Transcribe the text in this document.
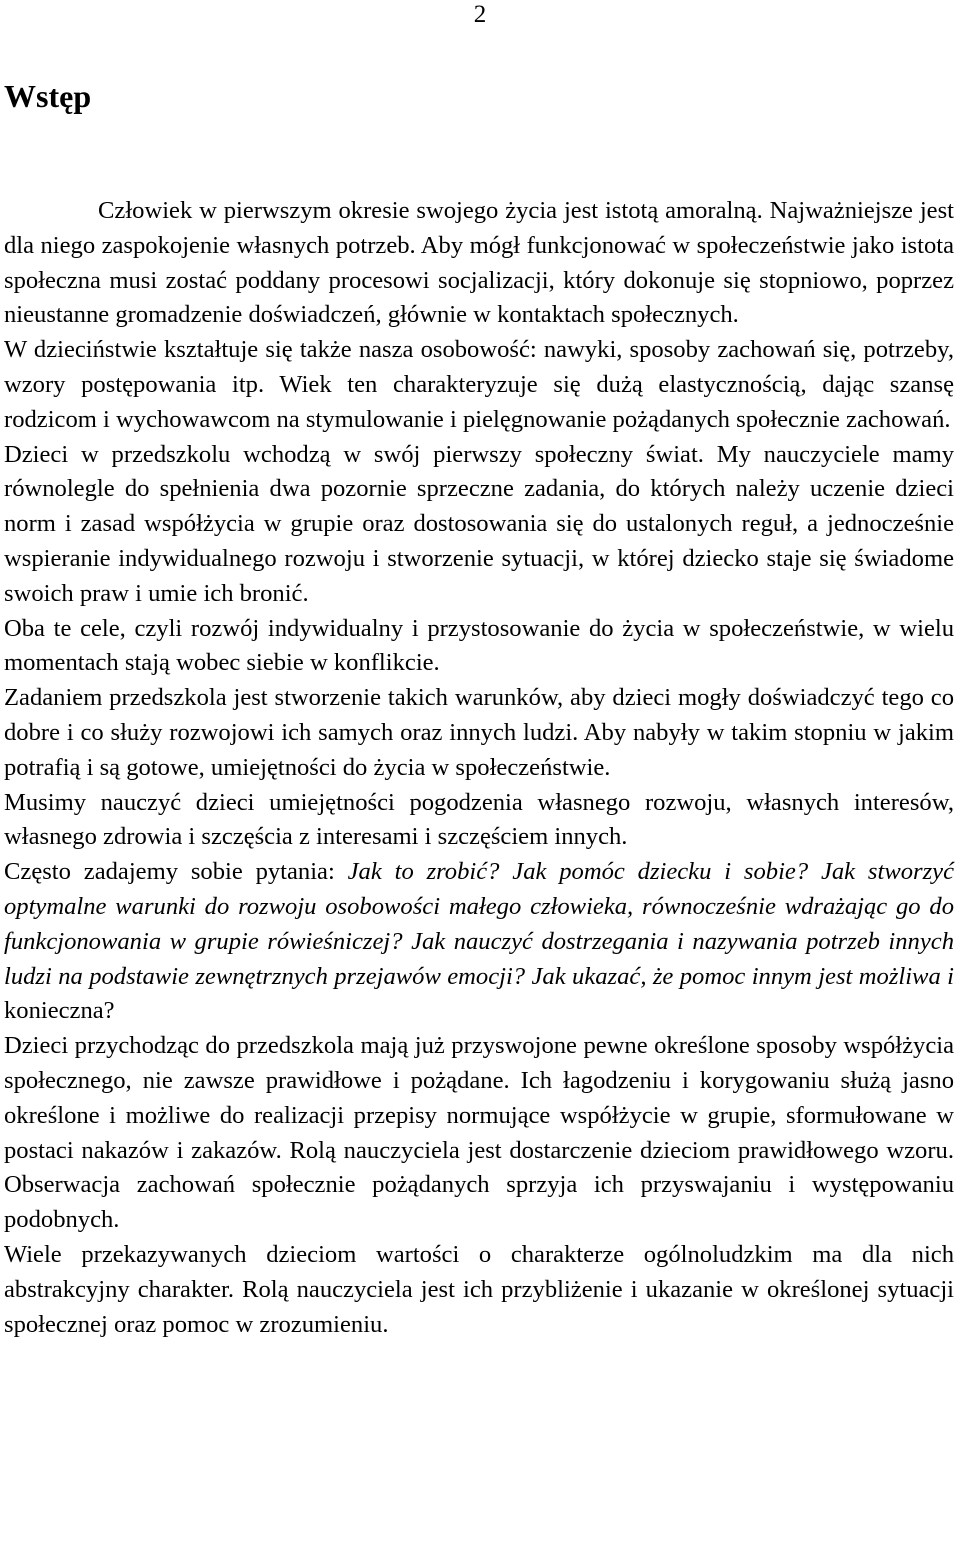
2
Wstęp

Człowiek w pierwszym okresie swojego życia jest istotą amoralną. Najważniejsze jest dla niego zaspokojenie własnych potrzeb. Aby mógł funkcjonować w społeczeństwie jako istota społeczna musi zostać poddany procesowi socjalizacji, który dokonuje się stopniowo, poprzez nieustanne gromadzenie doświadczeń, głównie w kontaktach społecznych.

W dzieciństwie kształtuje się także nasza osobowość: nawyki, sposoby zachowań się, potrzeby, wzory postępowania itp. Wiek ten charakteryzuje się dużą elastycznością, dając szansę rodzicom i wychowawcom na stymulowanie i pielęgnowanie pożądanych społecznie zachowań.

Dzieci w przedszkolu wchodzą w swój pierwszy społeczny świat. My nauczyciele mamy równolegle do spełnienia dwa pozornie sprzeczne zadania, do których należy uczenie dzieci norm i zasad współżycia w grupie oraz dostosowania się do ustalonych reguł, a jednocześnie wspieranie indywidualnego rozwoju i stworzenie sytuacji, w której dziecko staje się świadome swoich praw i umie ich bronić.

Oba te cele, czyli rozwój indywidualny i przystosowanie do życia w społeczeństwie, w wielu momentach stają wobec siebie w konflikcie.

Zadaniem przedszkola jest stworzenie takich warunków, aby dzieci mogły doświadczyć tego co dobre i co służy rozwojowi ich samych oraz innych ludzi. Aby nabyły w takim stopniu w jakim potrafią i są gotowe, umiejętności do życia w społeczeństwie.

Musimy nauczyć dzieci umiejętności pogodzenia własnego rozwoju, własnych interesów, własnego zdrowia i szczęścia z interesami i szczęściem innych.

Często zadajemy sobie pytania: Jak to zrobić? Jak pomóc dziecku i sobie? Jak stworzyć optymalne warunki do rozwoju osobowości małego człowieka, równocześnie wdrażając go do funkcjonowania w grupie rówieśniczej? Jak nauczyć dostrzegania i nazywania potrzeb innych ludzi na podstawie zewnętrznych przejawów emocji? Jak ukazać, że pomoc innym jest możliwa i konieczna?

Dzieci przychodząc do przedszkola mają już przyswojone pewne określone sposoby współżycia społecznego, nie zawsze prawidłowe i pożądane. Ich łagodzeniu i korygowaniu służą jasno określone i możliwe do realizacji przepisy normujące współżycie w grupie, sformułowane w postaci nakazów i zakazów. Rolą nauczyciela jest dostarczenie dzieciom prawidłowego wzoru. Obserwacja zachowań społecznie pożądanych sprzyja ich przyswajaniu i występowaniu podobnych.

Wiele przekazywanych dzieciom wartości o charakterze ogólnoludzkim ma dla nich abstrakcyjny charakter. Rolą nauczyciela jest ich przybliżenie i ukazanie w określonej sytuacji społecznej oraz pomoc w zrozumieniu.
